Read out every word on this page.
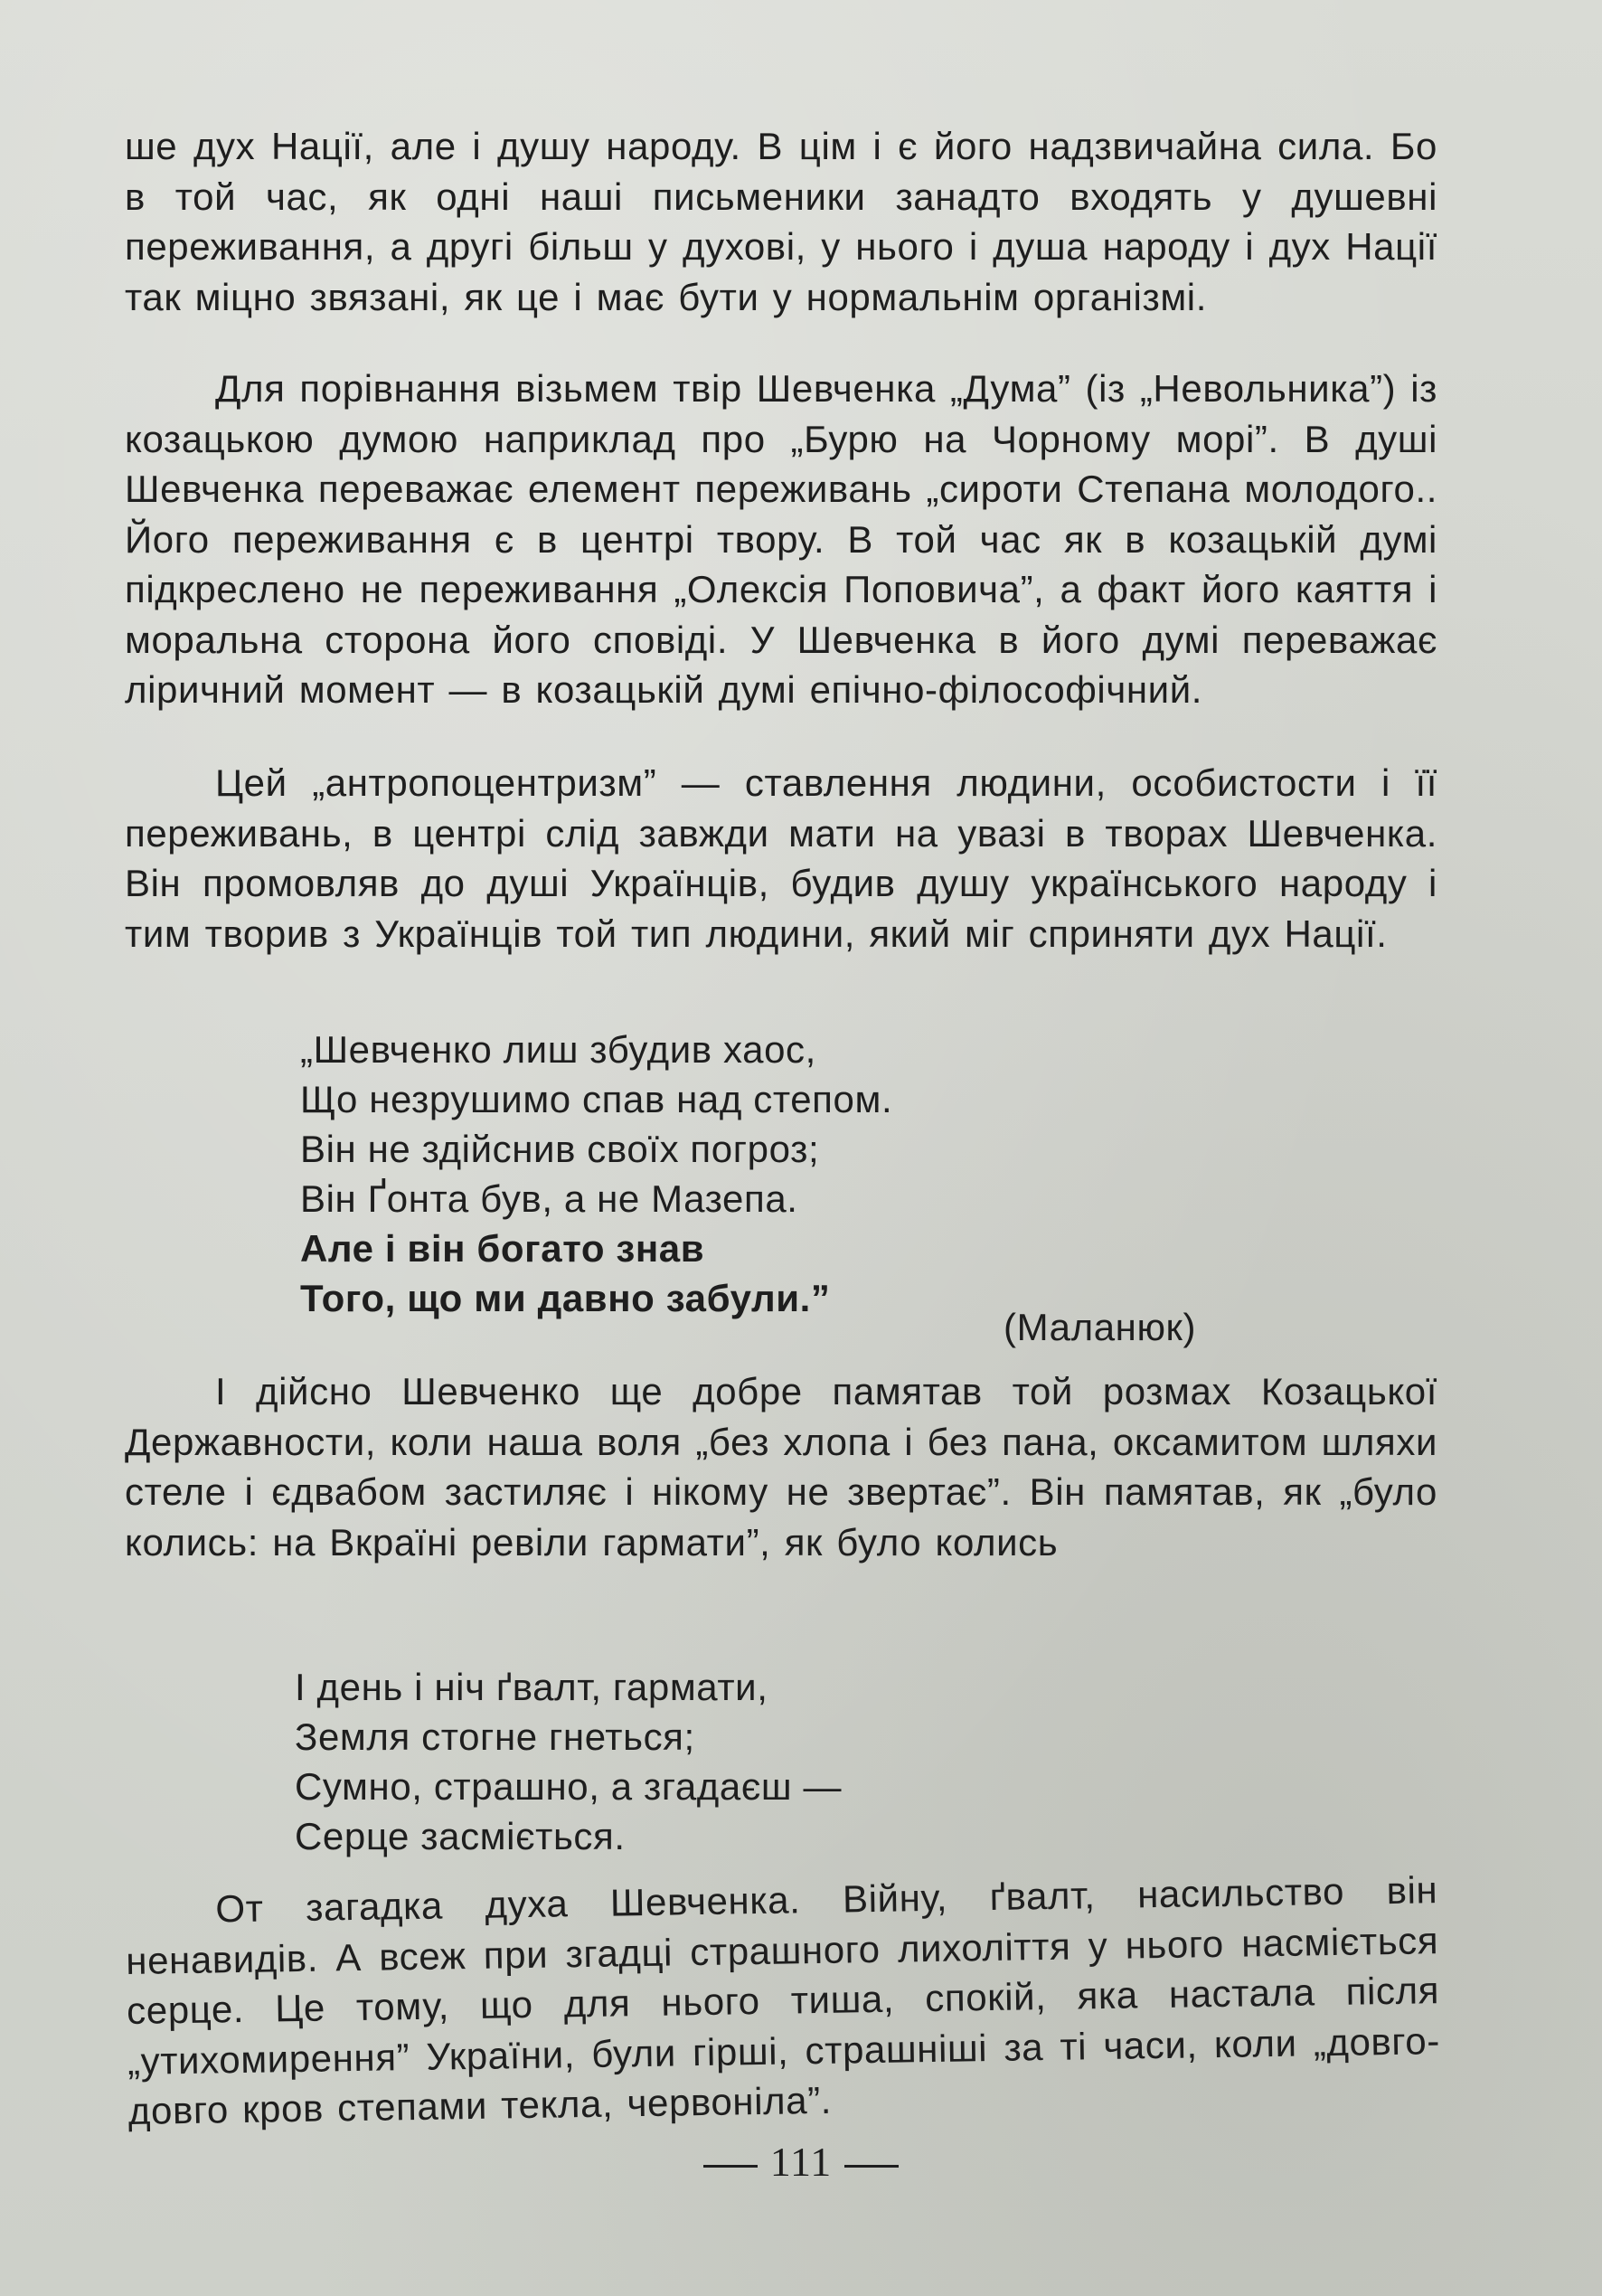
ше дух Нації, але і душу народу. В цім і є його надзвичайна сила. Бо в той час, як одні наші письменики занадто входять у душевні переживання, а другі більш у духові, у нього і душа народу і дух Нації так міцно звязані, як це і має бути у нормальнім організмі.
Для порівнання візьмем твір Шевченка „Дума” (із „Невольника”) із козацькою думою наприклад про „Бурю на Чорному морі”. В душі Шевченка переважає елемент переживань „сироти Степана молодого.. Його переживання є в центрі твору. В той час як в козацькій думі підкреслено не переживання „Олексія Поповича”, а факт його каяття і моральна сторона його сповіді. У Шевченка в його думі переважає ліричний момент — в козацькій думі епічно-філософічний.
Цей „антропоцентризм” — ставлення людини, особистости і її переживань, в центрі слід завжди мати на увазі в творах Шевченка. Він промовляв до душі Українців, будив душу українського народу і тим творив з Українців той тип людини, який міг сприняти дух Нації.
„Шевченко лиш збудив хаос,
Що незрушимо спав над степом.
Він не здійснив своїх погроз;
Він Ґонта був, а не Мазепа.
Але і він богато знав
Того, що ми давно забули.”
(Маланюк)
І дійсно Шевченко ще добре памятав той розмах Козацької Державности, коли наша воля „без хлопа і без пана, оксамитом шляхи стеле і єдвабом застиляє і нікому не звертає”. Він памятав, як „було колись: на Вкраїні ревіли гармати”, як було колись
І день і ніч ґвалт, гармати,
Земля стогне гнеться;
Сумно, страшно, а згадаєш —
Серце засміється.
От загадка духа Шевченка. Війну, ґвалт, насильство він ненавидів. А всеж при згадці страшного лихоліття у нього насміється серце. Це тому, що для нього тиша, спокій, яка настала після „утихомирення” України, були гірші, страшніші за ті часи, коли „довго-довго кров степами текла, червоніла”.
111
